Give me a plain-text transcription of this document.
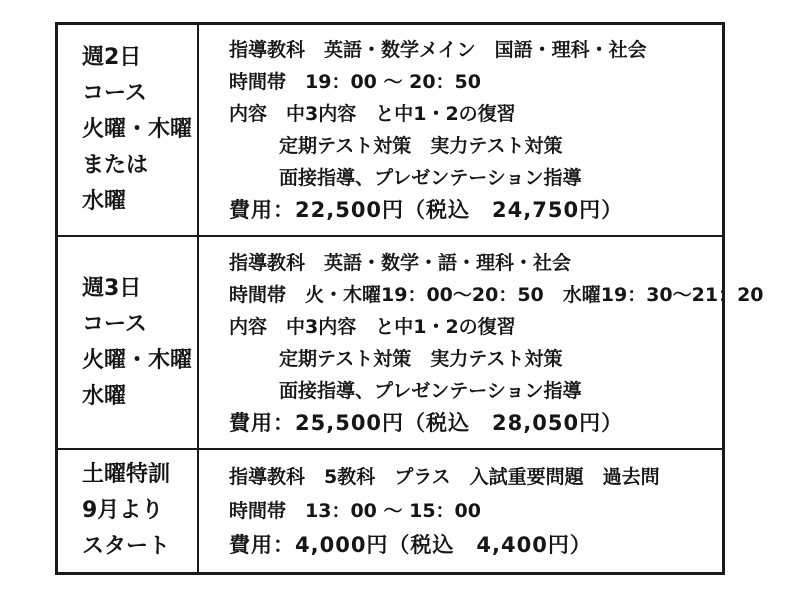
週2日
コース
火曜・木曜
または
水曜
指導教科　英語・数学メイン　国語・理科・社会
時間帯　19：00 ～ 20：50
内容　中3内容　と中1・2の復習
定期テスト対策　実力テスト対策
面接指導、プレゼンテーション指導
費用：22,500円（税込　24,750円）
週3日
コース
火曜・木曜
水曜
指導教科　英語・数学・語・理科・社会
時間帯　火・木曜19：00～20：50　水曜19：30～21：20
内容　中3内容　と中1・2の復習
定期テスト対策　実力テスト対策
面接指導、プレゼンテーション指導
費用：25,500円（税込　28,050円）
土曜特訓
9月より
スタート
指導教科　5教科　プラス　入試重要問題　過去問
時間帯　13：00 ～ 15：00
費用：4,000円（税込　4,400円）
